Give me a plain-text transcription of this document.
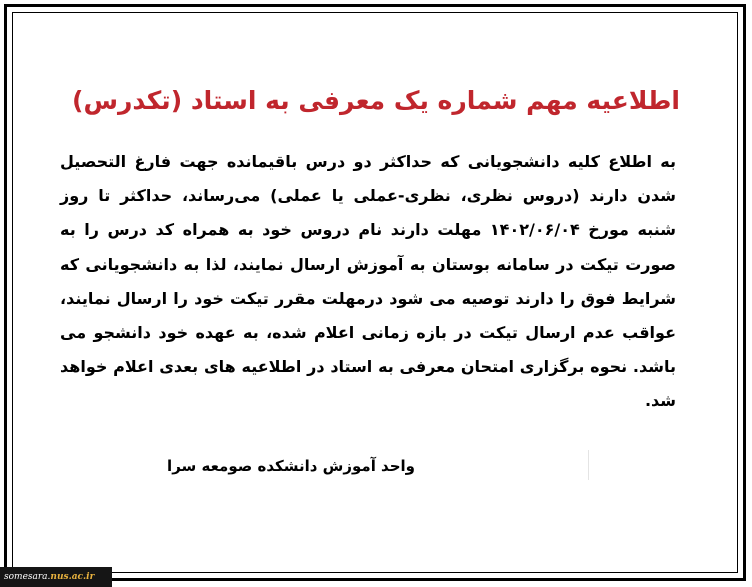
اطلاعیه مهم شماره یک معرفی به استاد (تکدرس)
به اطلاع کلیه دانشجویانی که حداکثر دو درس باقیمانده جهت فارغ التحصیل شدن دارند (دروس نظری، نظری-عملی یا عملی) می‌رساند، حداکثر تا روز شنبه مورخ ۱۴۰۲/۰۶/۰۴ مهلت دارند نام دروس خود به همراه کد درس را به صورت تیکت در سامانه بوستان به آموزش ارسال نمایند، لذا به دانشجویانی که شرایط فوق را دارند توصیه می شود درمهلت مقرر تیکت خود را ارسال نمایند، عواقب عدم ارسال تیکت در بازه زمانی اعلام شده، به عهده خود دانشجو می باشد. نحوه برگزاری امتحان معرفی به استاد در اطلاعیه های بعدی اعلام خواهد شد.
واحد آموزش دانشکده صومعه سرا
somesara.nus.ac.ir
